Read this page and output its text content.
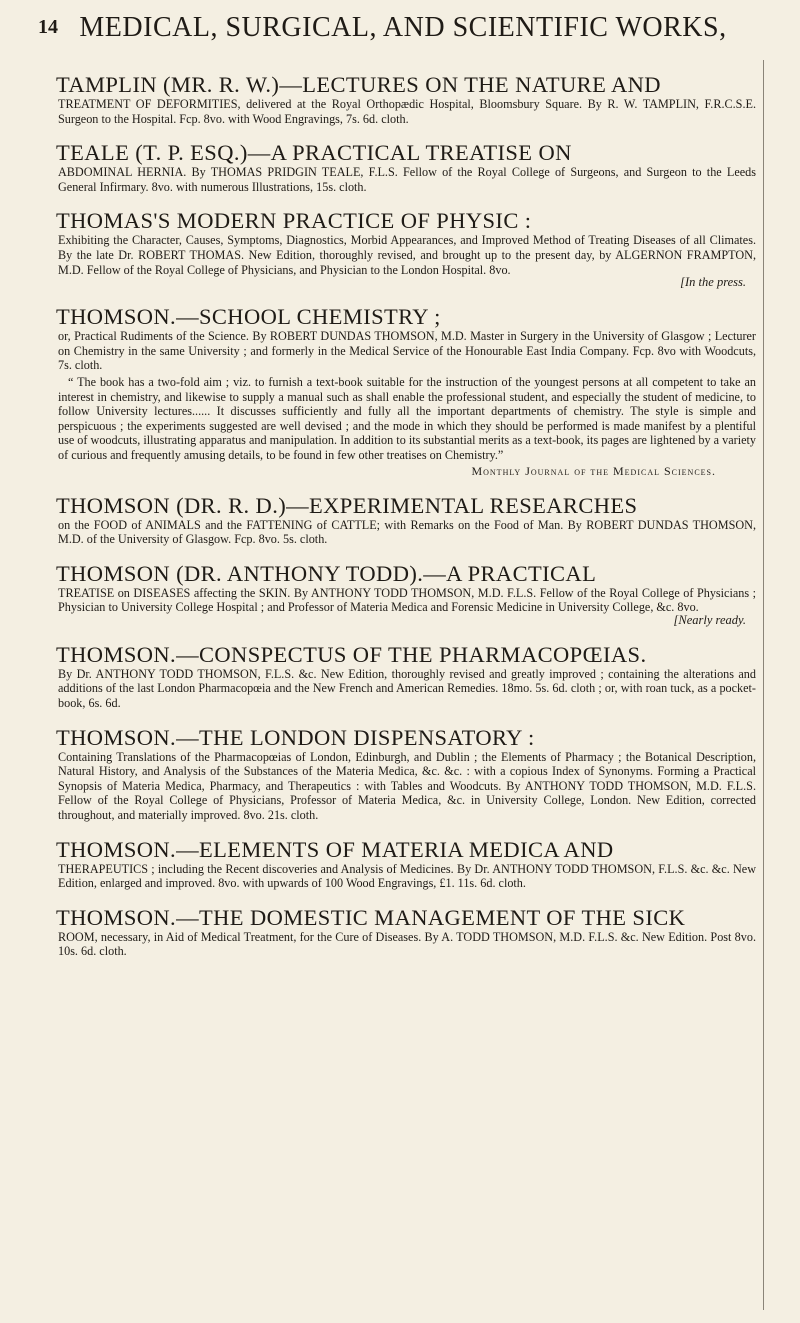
14 MEDICAL, SURGICAL, AND SCIENTIFIC WORKS,
TAMPLIN (MR. R. W.)—LECTURES ON THE NATURE AND
TREATMENT OF DEFORMITIES, delivered at the Royal Orthopædic Hospital, Bloomsbury Square. By R. W. TAMPLIN, F.R.C.S.E. Surgeon to the Hospital. Fcp. 8vo. with Wood Engravings, 7s. 6d. cloth.
TEALE (T. P. ESQ.)—A PRACTICAL TREATISE ON
ABDOMINAL HERNIA. By THOMAS PRIDGIN TEALE, F.L.S. Fellow of the Royal College of Surgeons, and Surgeon to the Leeds General Infirmary. 8vo. with numerous Illustrations, 15s. cloth.
THOMAS'S MODERN PRACTICE OF PHYSIC :
Exhibiting the Character, Causes, Symptoms, Diagnostics, Morbid Appearances, and Improved Method of Treating Diseases of all Climates. By the late Dr. ROBERT THOMAS. New Edition, thoroughly revised, and brought up to the present day, by ALGERNON FRAMPTON, M.D. Fellow of the Royal College of Physicians, and Physician to the London Hospital. 8vo.
[In the press.
THOMSON.—SCHOOL CHEMISTRY ;
or, Practical Rudiments of the Science. By ROBERT DUNDAS THOMSON, M.D. Master in Surgery in the University of Glasgow ; Lecturer on Chemistry in the same University ; and formerly in the Medical Service of the Honourable East India Company. Fcp. 8vo with Woodcuts, 7s. cloth.
“ The book has a two-fold aim ; viz. to furnish a text-book suitable for the instruction of the youngest persons at all competent to take an interest in chemistry, and likewise to supply a manual such as shall enable the professional student, and especially the student of medicine, to follow University lectures...... It discusses sufficiently and fully all the important departments of chemistry. The style is simple and perspicuous ; the experiments suggested are well devised ; and the mode in which they should be performed is made manifest by a plentiful use of woodcuts, illustrating apparatus and manipulation. In addition to its substantial merits as a text-book, its pages are lightened by a variety of curious and frequently amusing details, to be found in few other treatises on Chemistry.”
Monthly Journal of the Medical Sciences.
THOMSON (DR. R. D.)—EXPERIMENTAL RESEARCHES
on the FOOD of ANIMALS and the FATTENING of CATTLE; with Remarks on the Food of Man. By ROBERT DUNDAS THOMSON, M.D. of the University of Glasgow. Fcp. 8vo. 5s. cloth.
THOMSON (DR. ANTHONY TODD).—A PRACTICAL
TREATISE on DISEASES affecting the SKIN. By ANTHONY TODD THOMSON, M.D. F.L.S. Fellow of the Royal College of Physicians ; Physician to University College Hospital ; and Professor of Materia Medica and Forensic Medicine in University College, &c. 8vo.
[Nearly ready.
THOMSON.—CONSPECTUS OF THE PHARMACOPŒIAS.
By Dr. ANTHONY TODD THOMSON, F.L.S. &c. New Edition, thoroughly revised and greatly improved ; containing the alterations and additions of the last London Pharmacopœia and the New French and American Remedies. 18mo. 5s. 6d. cloth ; or, with roan tuck, as a pocket-book, 6s. 6d.
THOMSON.—THE LONDON DISPENSATORY :
Containing Translations of the Pharmacopœias of London, Edinburgh, and Dublin ; the Elements of Pharmacy ; the Botanical Description, Natural History, and Analysis of the Substances of the Materia Medica, &c. &c. : with a copious Index of Synonyms. Forming a Practical Synopsis of Materia Medica, Pharmacy, and Therapeutics : with Tables and Woodcuts. By ANTHONY TODD THOMSON, M.D. F.L.S. Fellow of the Royal College of Physicians, Professor of Materia Medica, &c. in University College, London. New Edition, corrected throughout, and materially improved. 8vo. 21s. cloth.
THOMSON.—ELEMENTS OF MATERIA MEDICA AND
THERAPEUTICS ; including the Recent discoveries and Analysis of Medicines. By Dr. ANTHONY TODD THOMSON, F.L.S. &c. &c. New Edition, enlarged and improved. 8vo. with upwards of 100 Wood Engravings, £1. 11s. 6d. cloth.
THOMSON.—THE DOMESTIC MANAGEMENT OF THE SICK
ROOM, necessary, in Aid of Medical Treatment, for the Cure of Diseases. By A. TODD THOMSON, M.D. F.L.S. &c. New Edition. Post 8vo. 10s. 6d. cloth.
